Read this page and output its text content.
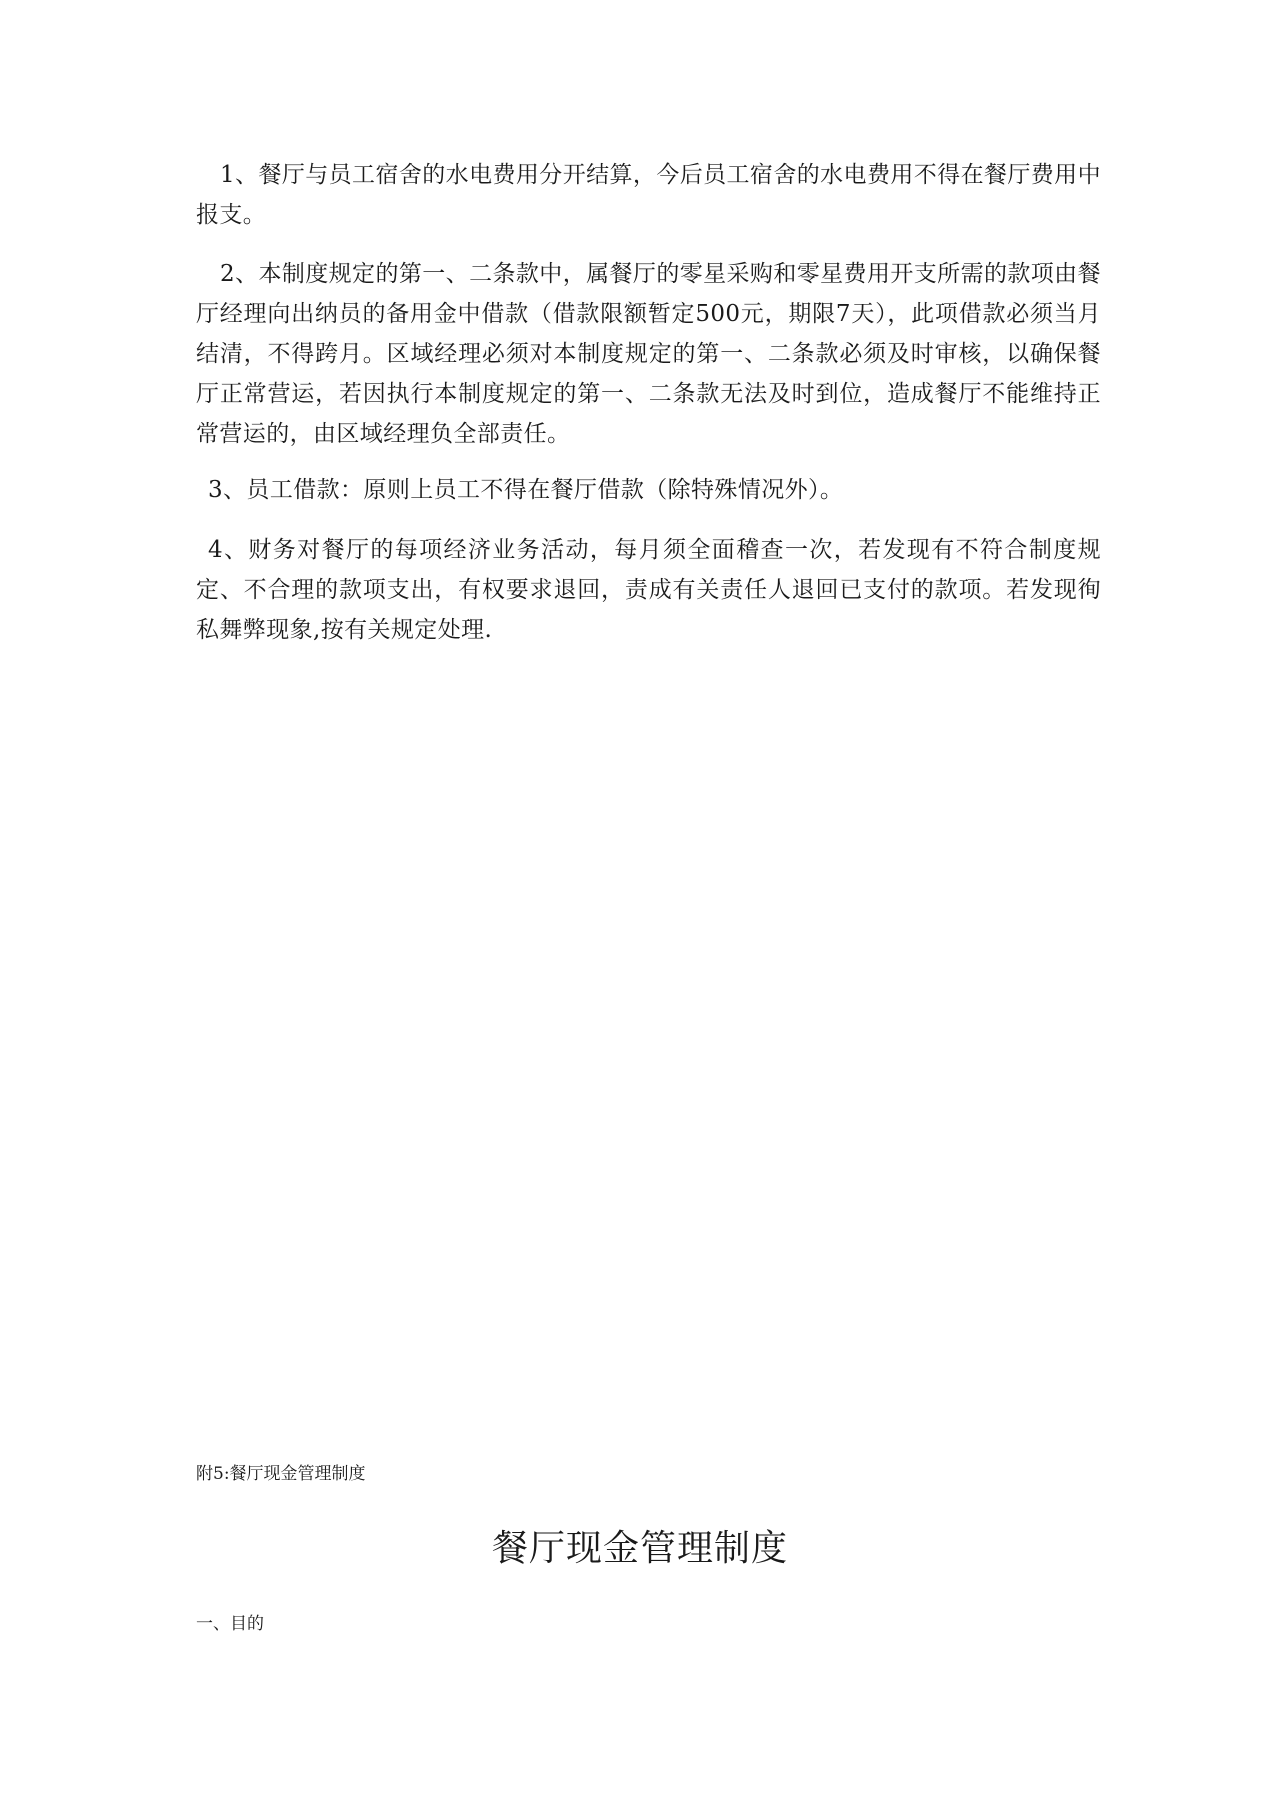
1、餐厅与员工宿舍的水电费用分开结算，今后员工宿舍的水电费用不得在餐厅费用中报支。

2、本制度规定的第一、二条款中，属餐厅的零星采购和零星费用开支所需的款项由餐厅经理向出纳员的备用金中借款（借款限额暂定500元，期限7天），此项借款必须当月结清，不得跨月。区域经理必须对本制度规定的第一、二条款必须及时审核，以确保餐厅正常营运，若因执行本制度规定的第一、二条款无法及时到位，造成餐厅不能维持正常营运的，由区域经理负全部责任。

3、员工借款：原则上员工不得在餐厅借款（除特殊情况外）。

4、财务对餐厅的每项经济业务活动，每月须全面稽查一次，若发现有不符合制度规定、不合理的款项支出，有权要求退回，责成有关责任人退回已支付的款项。若发现徇私舞弊现象,按有关规定处理.

附5:餐厅现金管理制度

餐厅现金管理制度

一、目的
